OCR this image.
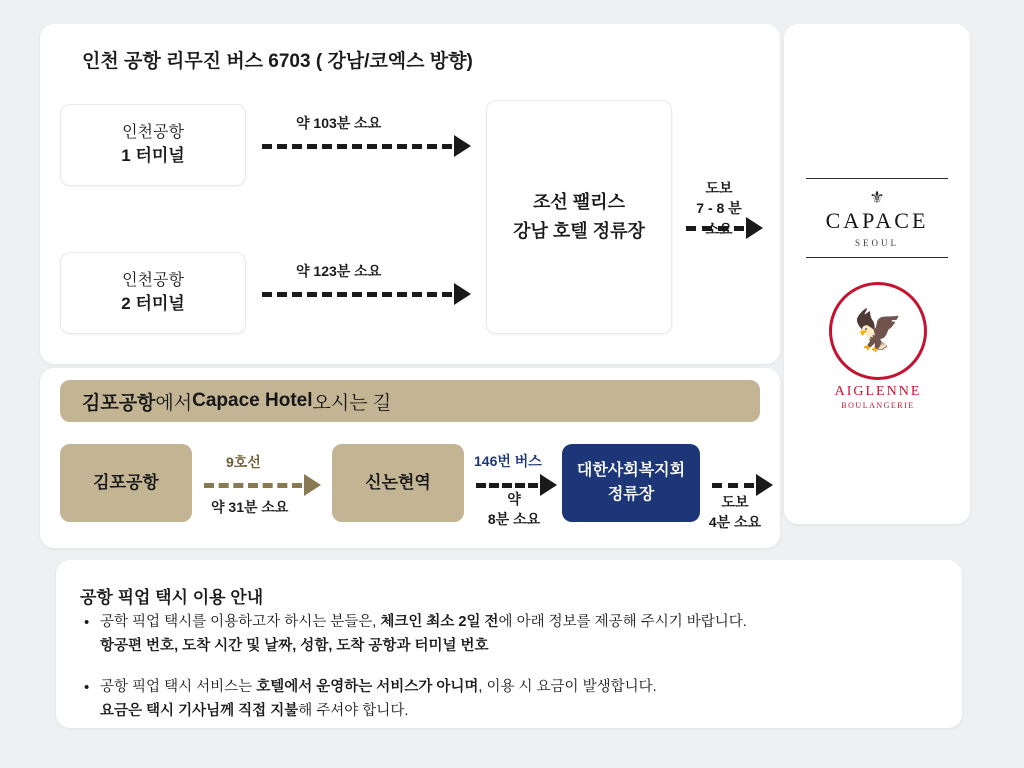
인천 공항 리무진 버스 6703 ( 강남/코엑스 방향)
인천공항
1 터미널
인천공항
2 터미널
조선 팰리스
강남 호텔 정류장
약 103분 소요
약 123분 소요
도보
7 - 8 분
소요
김포공항 에서 Capace Hotel 오시는 길
김포공항	신논현역
대한사회복지회
정류장
9호선
약 31분 소요
146번 버스
약
8분 소요
도보
4분 소요
⚜
CAPACE
SEOUL
🦅
AIGLENNE
BOULANGERIE
공항 픽업 택시 이용 안내
• 공학 픽업 택시를 이용하고자 하시는 분들은, 체크인 최소 2일 전에 아래 정보를 제공해 주시기 바랍니다.
항공편 번호, 도착 시간 및 날짜, 성함, 도착 공항과 터미널 번호
• 공항 픽업 택시 서비스는 호텔에서 운영하는 서비스가 아니며, 이용 시 요금이 발생합니다.
요금은 택시 기사님께 직접 지불해 주셔야 합니다.
